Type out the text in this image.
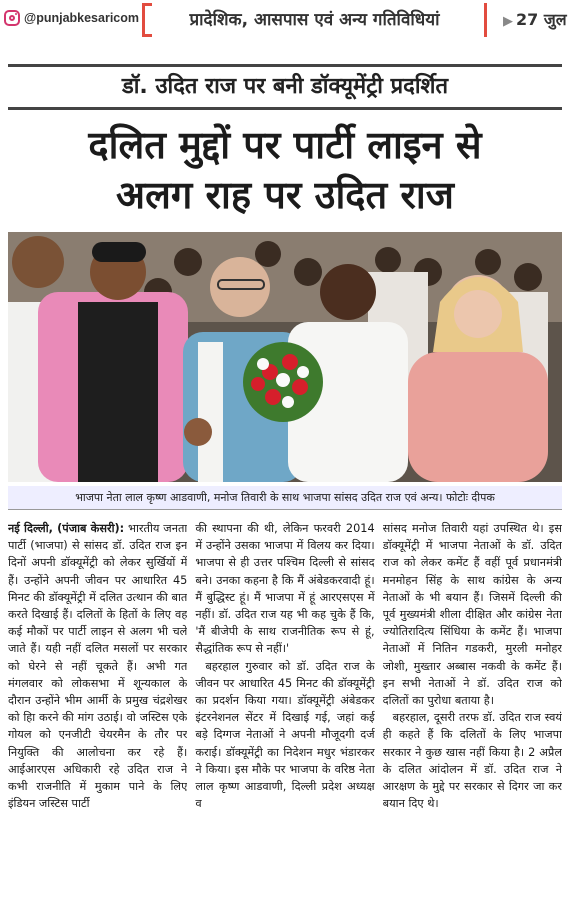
@punjabkesaricom	प्रादेशिक, आसपास एवं अन्य गतिविधियां	▶ 27 जुल
डॉ. उदित राज पर बनी डॉक्यूमेंट्री प्रदर्शित
दलित मुद्दों पर पार्टी लाइन से
अलग राह पर उदित राज
भाजपा नेता लाल कृष्ण आडवाणी, मनोज तिवारी के साथ भाजपा सांसद उदित राज एवं अन्य। फोटोः दीपक

नई दिल्ली, (पंजाब केसरी): भारतीय जनता पार्टी (भाजपा) से सांसद डॉ. उदित राज इन दिनों अपनी डॉक्यूमेंट्री को लेकर सुर्खियों में हैं। उन्होंने अपनी जीवन पर आधारित 45 मिनट की डॉक्यूमेंट्री में दलित उत्थान की बात करते दिखाई हैं। दलितों के हितों के लिए वह कई मौकों पर पार्टी लाइन से अलग भी चले जाते हैं। यही नहीं दलित मसलों पर सरकार को घेरने से नहीं चूकते हैं। अभी गत मंगलवार को लोकसभा में शून्यकाल के दौरान उन्होंने भीम आर्मी के प्रमुख चंद्रशेखर को हिा करने की मांग उठाई। वो जस्टिस एके गोयल को एनजीटी चेयरमैन के तौर पर नियुक्ति की आलोचना कर रहे हैं। आईआरएस अधिकारी रहे उदित राज ने कभी राजनीति में मुकाम पाने के लिए इंडियन जस्टिस पार्टी

की स्थापना की थी, लेकिन फरवरी 2014 में उन्होंने उसका भाजपा में विलय कर दिया। भाजपा से ही उत्तर पश्चिम दिल्ली से सांसद बने। उनका कहना है कि मैं अंबेडकरवादी हूं। मैं बुद्धिस्ट हूं। मैं भाजपा में हूं आरएसएस में नहीं। डॉ. उदित राज यह भी कह चुके हैं कि, 'मैं बीजेपी के साथ राजनीतिक रूप से हूं, सैद्धांतिक रूप से नहीं।'

बहरहाल गुरुवार को डॉ. उदित राज के जीवन पर आधारित 45 मिनट की डॉक्यूमेंट्री का प्रदर्शन किया गया। डॉक्यूमेंट्री अंबेडकर इंटरनेशनल सेंटर में दिखाई गई, जहां कई बड़े दिग्गज नेताओं ने अपनी मौजूदगी दर्ज कराई। डॉक्यूमेंट्री का निदेशन मधुर भंडारकर ने किया। इस मौके पर भाजपा के वरिष्ठ नेता लाल कृष्ण आडवाणी, दिल्ली प्रदेश अध्यक्ष व

सांसद मनोज तिवारी यहां उपस्थित थे। इस डॉक्यूमेंट्री में भाजपा नेताओं के डॉ. उदित राज को लेकर कमेंट हैं वहीं पूर्व प्रधानमंत्री मनमोहन सिंह के साथ कांग्रेस के अन्य नेताओं के भी बयान हैं। जिसमें दिल्ली की पूर्व मुख्यमंत्री शीला दीक्षित और कांग्रेस नेता ज्योतिरादित्य सिंधिया के कमेंट हैं। भाजपा नेताओं में नितिन गडकरी, मुरली मनोहर जोशी, मुख्तार अब्बास नकवी के कमेंट हैं। इन सभी नेताओं ने डॉ. उदित राज को दलितों का पुरोधा बताया है।

बहरहाल, दूसरी तरफ डॉ. उदित राज स्वयं ही कहते हैं कि दलितों के लिए भाजपा सरकार ने कुछ खास नहीं किया है। 2 अप्रैल के दलित आंदोलन में डॉ. उदित राज ने आरक्षण के मुद्दे पर सरकार से दिगर जा कर बयान दिए थे।
